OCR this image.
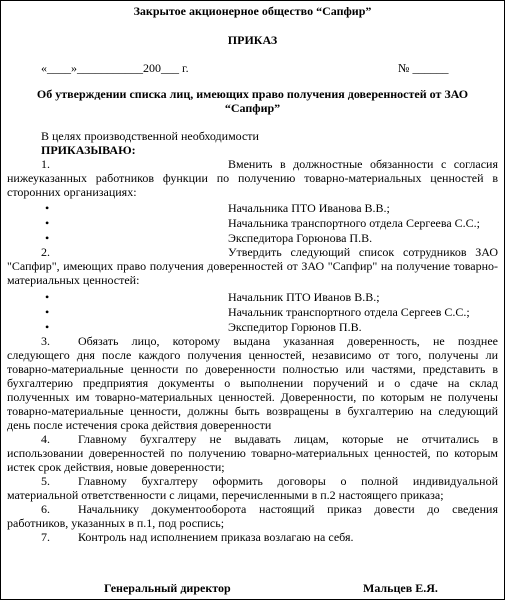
Закрытое акционерное общество “Сапфир”
ПРИКАЗ
«____»___________200___ г.	№ ______
Об утверждении списка лиц, имеющих право получения доверенностей от ЗАО
“Сапфир”
В целях производственной необходимости
ПРИКАЗЫВАЮ:
1.	Вменить в должностные обязанности с согласия
нижеуказанных работников функции по получению товарно-материальных ценностей в
сторонних организациях:
•	Начальника ПТО Иванова В.В.;
•	Начальника транспортного отдела Сергеева С.С.;
•	Экспедитора Горюнова П.В.
2.	Утвердить следующий список сотрудников ЗАО
"Сапфир", имеющих право получения доверенностей от ЗАО "Сапфир" на получение товарно-
материальных ценностей:
•	Начальник ПТО Иванов В.В.;
•	Начальник транспортного отдела Сергеев С.С.;
•	Экспедитор Горюнов П.В.
3. Обязать лицо, которому выдана указанная доверенность, не позднее
следующего дня после каждого получения ценностей, независимо от того, получены ли
товарно-материальные ценности по доверенности полностью или частями, представить в
бухгалтерию предприятия документы о выполнении поручений и о сдаче на склад
полученных им товарно-материальных ценностей. Доверенности, по которым не получены
товарно-материальные ценности, должны быть возвращены в бухгалтерию на следующий
день после истечения срока действия доверенности
4. Главному бухгалтеру не выдавать лицам, которые не отчитались в
использовании доверенностей по получению товарно-материальных ценностей, по которым
истек срок действия, новые доверенности;
5. Главному бухгалтеру оформить договоры о полной индивидуальной
материальной ответственности с лицами, перечисленными в п.2 настоящего приказа;
6. Начальнику документооборота настоящий приказ довести до сведения
работников, указанных в п.1, под роспись;
7. Контроль над исполнением приказа возлагаю на себя.
Генеральный директор	Мальцев Е.Я.
